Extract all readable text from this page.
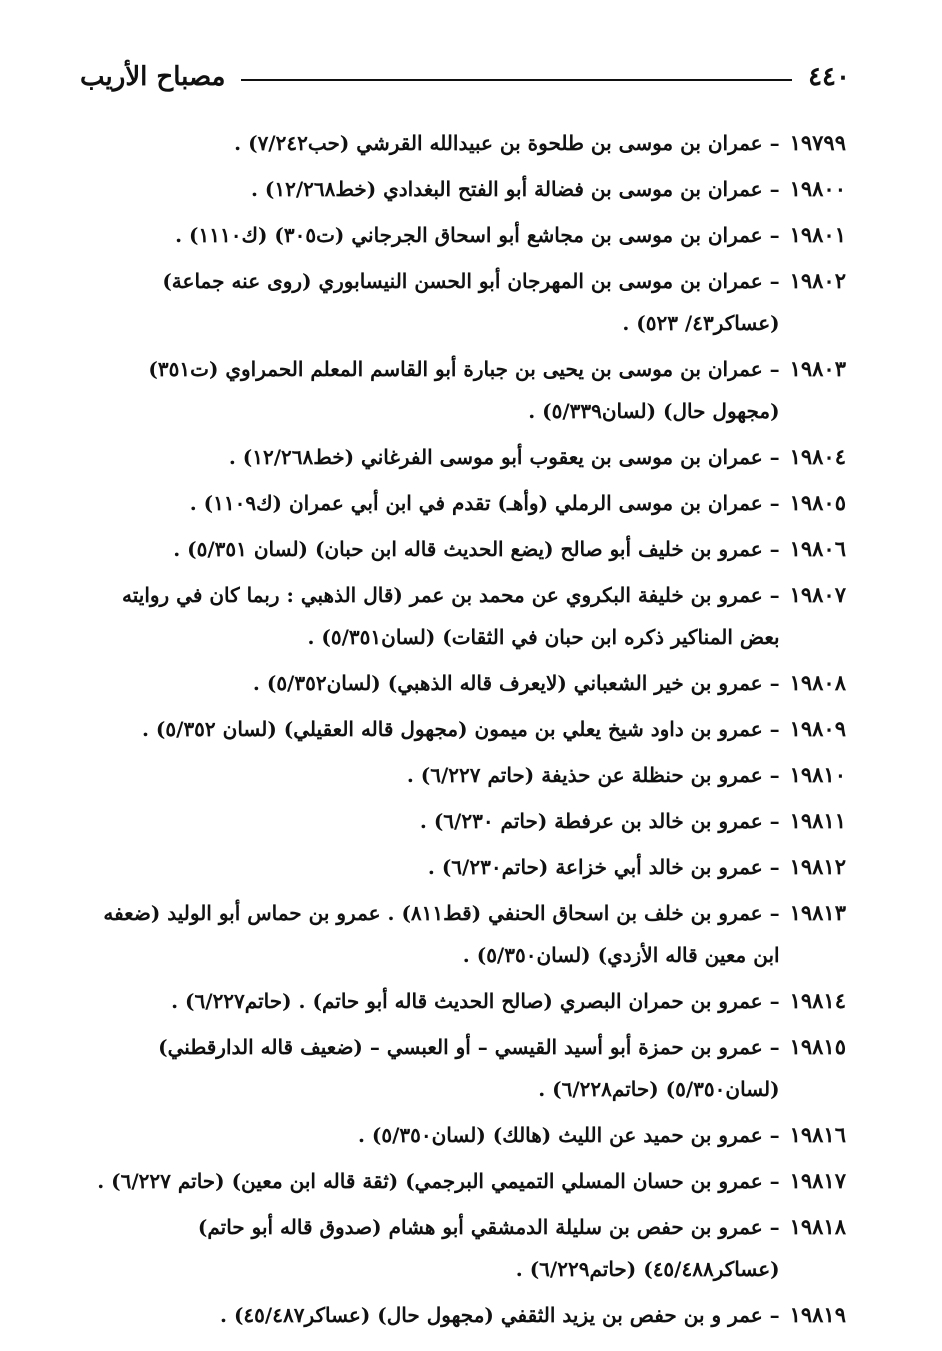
٤٤٠
مصباح الأريب
١٩٧٩٩
– عمران بن موسى بن طلحوة بن عبيدالله القرشي (حب٧/٢٤٢) .
١٩٨٠٠
– عمران بن موسى بن فضالة أبو الفتح البغدادي (خط١٢/٢٦٨) .
١٩٨٠١
– عمران بن موسى بن مجاشع أبو اسحاق الجرجاني (ت٣٠٥) (ك١١١٠) .
١٩٨٠٢
– عمران بن موسى بن المهرجان أبو الحسن النيسابوري (روى عنه جماعة) (عساكر٤٣/ ٥٢٣) .
١٩٨٠٣
– عمران بن موسى بن يحيى بن جبارة أبو القاسم المعلم الحمراوي (ت٣٥١) (مجهول حال) (لسان٥/٣٣٩) .
١٩٨٠٤
– عمران بن موسى بن يعقوب أبو موسى الفرغاني (خط١٢/٢٦٨) .
١٩٨٠٥
– عمران بن موسى الرملي (وأهـ) تقدم في ابن أبي عمران (ك١١٠٩) .
١٩٨٠٦
– عمرو بن خليف أبو صالح (يضع الحديث قاله ابن حبان) (لسان ٥/٣٥١) .
١٩٨٠٧
– عمرو بن خليفة البكروي عن محمد بن عمر (قال الذهبي : ربما كان في روايته بعض المناكير ذكره ابن حبان في الثقات) (لسان٥/٣٥١) .
١٩٨٠٨
– عمرو بن خير الشعباني (لايعرف قاله الذهبي) (لسان٥/٣٥٢) .
١٩٨٠٩
– عمرو بن داود شيخ يعلي بن ميمون (مجهول قاله العقيلي) (لسان ٥/٣٥٢) .
١٩٨١٠
– عمرو بن حنظلة عن حذيفة (حاتم ٦/٢٢٧) .
١٩٨١١
– عمرو بن خالد بن عرفطة (حاتم ٦/٢٣٠) .
١٩٨١٢
– عمرو بن خالد أبي خزاعة (حاتم٦/٢٣٠) .
١٩٨١٣
– عمرو بن خلف بن اسحاق الحنفي (قط٨١١) . عمرو بن حماس أبو الوليد (ضعفه ابن معين قاله الأزدي) (لسان٥/٣٥٠) .
١٩٨١٤
– عمرو بن حمران البصري (صالح الحديث قاله أبو حاتم) . (حاتم٦/٢٢٧) .
١٩٨١٥
– عمرو بن حمزة أبو أسيد القيسي – أو العبسي – (ضعيف قاله الدارقطني) (لسان٥/٣٥٠) (حاتم٦/٢٢٨) .
١٩٨١٦
– عمرو بن حميد عن الليث (هالك) (لسان٥/٣٥٠) .
١٩٨١٧
– عمرو بن حسان المسلي التميمي البرجمي) (ثقة قاله ابن معين) (حاتم ٦/٢٢٧) .
١٩٨١٨
– عمرو بن حفص بن سليلة الدمشقي أبو هشام (صدوق قاله أبو حاتم) (عساكر٤٥/٤٨٨) (حاتم٦/٢٢٩) .
١٩٨١٩
– عمر و بن حفص بن يزيد الثقفي (مجهول حال) (عساكر٤٥/٤٨٧) .
